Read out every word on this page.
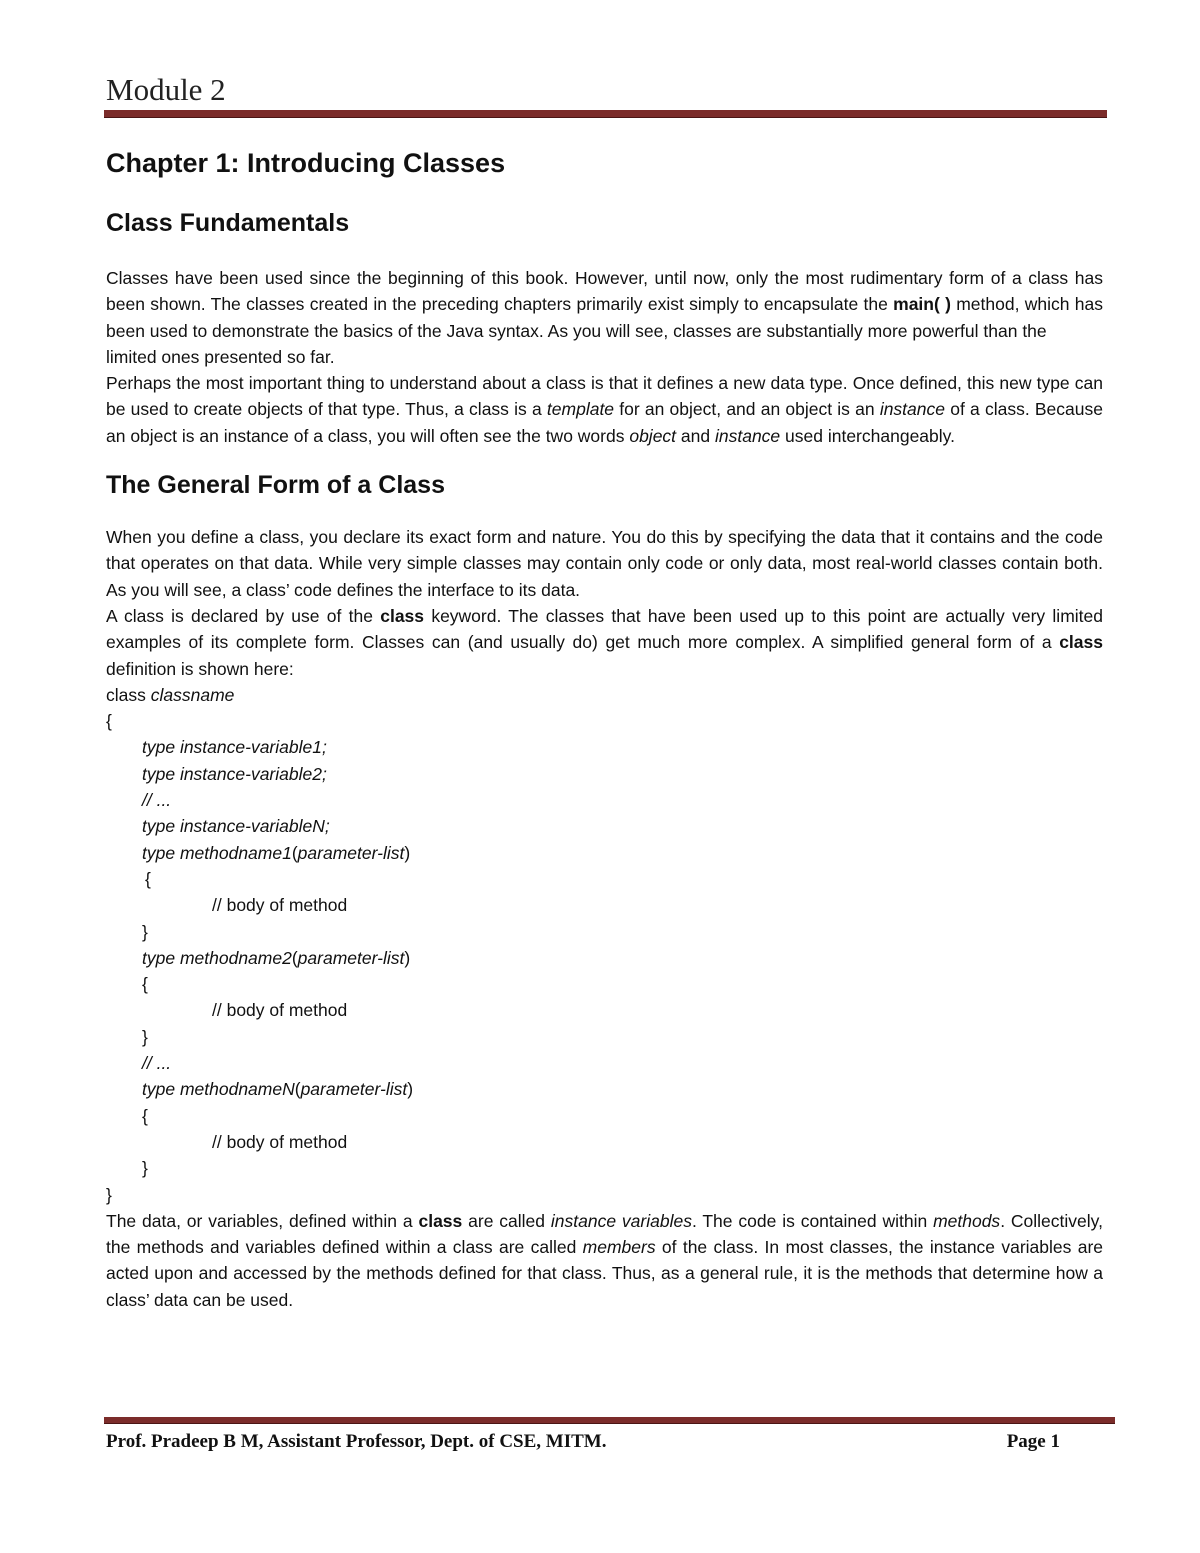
Module 2
Chapter 1: Introducing Classes
Class Fundamentals

Classes have been used since the beginning of this book. However, until now, only the most rudimentary form of a class has been shown. The classes created in the preceding chapters primarily exist simply to encapsulate the main( ) method, which has been used to demonstrate the basics of the Java syntax. As you will see, classes are substantially more powerful than the

limited ones presented so far.

Perhaps the most important thing to understand about a class is that it defines a new data type. Once defined, this new type can be used to create objects of that type. Thus, a class is a template for an object, and an object is an instance of a class. Because an object is an instance of a class, you will often see the two words object and instance used interchangeably.

The General Form of a Class

When you define a class, you declare its exact form and nature. You do this by specifying the data that it contains and the code that operates on that data. While very simple classes may contain only code or only data, most real-world classes contain both. As you will see, a class’ code defines the interface to its data.

A class is declared by use of the class keyword. The classes that have been used up to this point are actually very limited examples of its complete form. Classes can (and usually do) get much more complex. A simplified general form of a class definition is shown here:

class classname
{
type instance-variable1;
type instance-variable2;
// ...
type instance-variableN;
type methodname1(parameter-list)
{
// body of method
}
type methodname2(parameter-list)
{
// body of method
}
// ...
type methodnameN(parameter-list)
{
// body of method
}
}

The data, or variables, defined within a class are called instance variables. The code is contained within methods. Collectively, the methods and variables defined within a class are called members of the class. In most classes, the instance variables are acted upon and accessed by the methods defined for that class. Thus, as a general rule, it is the methods that determine how a class’ data can be used.

Prof. Pradeep B M, Assistant Professor, Dept. of CSE, MITM.	Page 1
